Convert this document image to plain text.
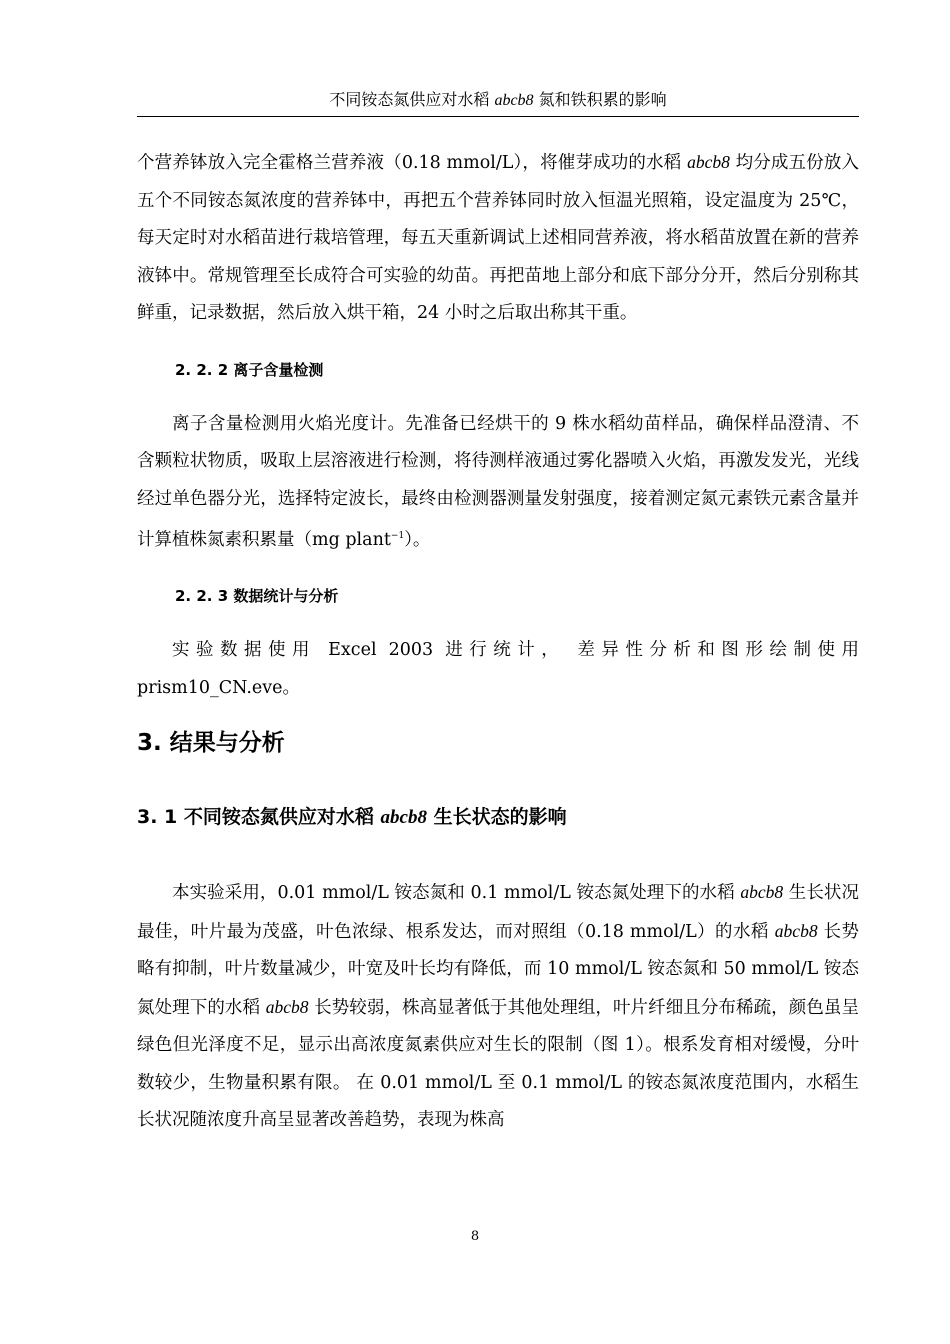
不同铵态氮供应对水稻 abcb8 氮和铁积累的影响

个营养钵放入完全霍格兰营养液（0.18 mmol/L），将催芽成功的水稻 abcb8 均分成五份放入五个不同铵态氮浓度的营养钵中，再把五个营养钵同时放入恒温光照箱，设定温度为 25℃，每天定时对水稻苗进行栽培管理，每五天重新调试上述相同营养液，将水稻苗放置在新的营养液钵中。常规管理至长成符合可实验的幼苗。再把苗地上部分和底下部分分开，然后分别称其鲜重，记录数据，然后放入烘干箱，24 小时之后取出称其干重。

2. 2. 2 离子含量检测

离子含量检测用火焰光度计。先准备已经烘干的 9 株水稻幼苗样品，确保样品澄清、不含颗粒状物质，吸取上层溶液进行检测，将待测样液通过雾化器喷入火焰，再激发发光，光线经过单色器分光，选择特定波长，最终由检测器测量发射强度，接着测定氮元素铁元素含量并计算植株氮素积累量（mg plant$^{-1}$）。

2. 2. 3 数据统计与分析

实验数据使用 Excel 2003 进行统计， 差异性分析和图形绘制使用

prism10_CN.eve。

3. 结果与分析
3. 1 不同铵态氮供应对水稻 abcb8 生长状态的影响

本实验采用，0.01 mmol/L 铵态氮和 0.1 mmol/L 铵态氮处理下的水稻 abcb8 生长状况最佳，叶片最为茂盛，叶色浓绿、根系发达，而对照组（0.18 mmol/L）的水稻 abcb8 长势略有抑制，叶片数量减少，叶宽及叶长均有降低，而 10 mmol/L 铵态氮和 50 mmol/L 铵态氮处理下的水稻 abcb8 长势较弱，株高显著低于其他处理组，叶片纤细且分布稀疏，颜色虽呈绿色但光泽度不足，显示出高浓度氮素供应对生长的限制（图 1）。根系发育相对缓慢，分叶数较少，生物量积累有限。 在 0.01 mmol/L 至 0.1 mmol/L 的铵态氮浓度范围内，水稻生长状况随浓度升高呈显著改善趋势，表现为株高

8
